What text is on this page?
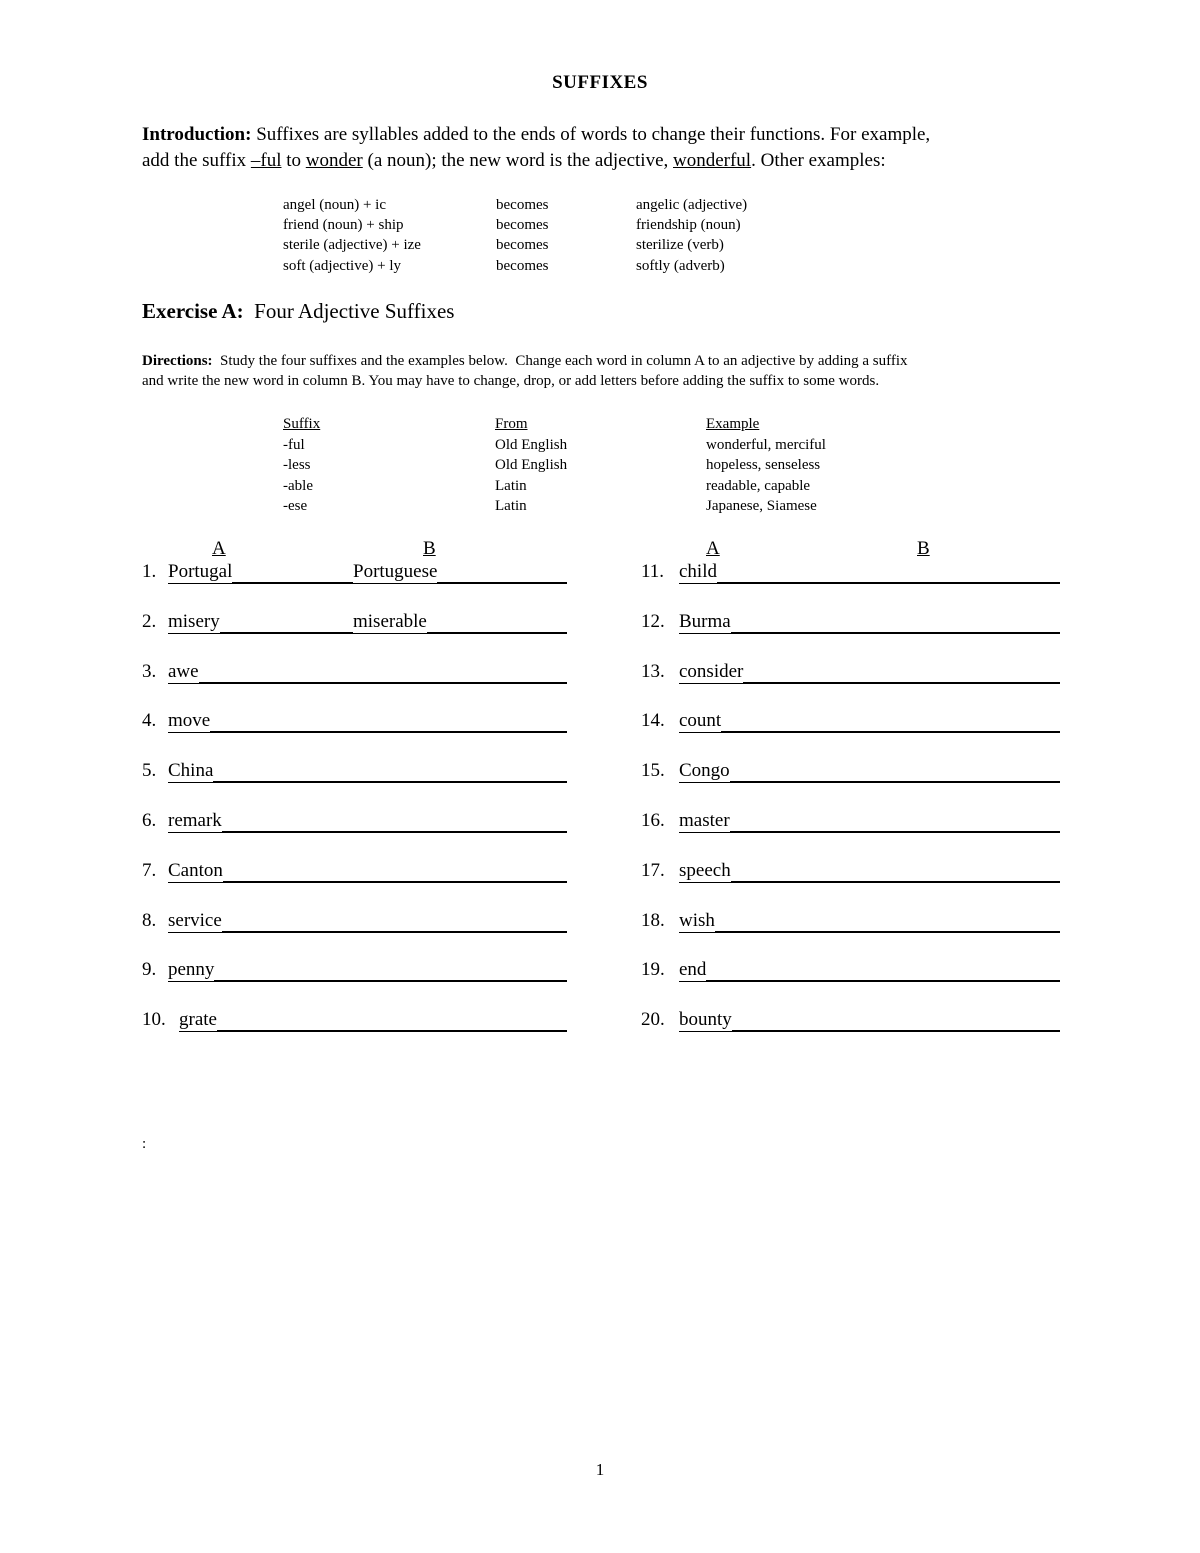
SUFFIXES
Introduction: Suffixes are syllables added to the ends of words to change their functions. For example,
add the suffix –ful to wonder (a noun); the new word is the adjective, wonderful. Other examples:
angel (noun) + ic	becomes	angelic (adjective)
friend (noun) + ship	becomes	friendship (noun)
sterile (adjective) + ize	becomes	sterilize (verb)
soft (adjective) + ly	becomes	softly (adverb)
Exercise A:  Four Adjective Suffixes
Directions:  Study the four suffixes and the examples below.  Change each word in column A to an adjective by adding a suffix
and write the new word in column B. You may have to change, drop, or add letters before adding the suffix to some words.
Suffix	From	Example
-ful	Old English	wonderful, merciful
-less	Old English	hopeless, senseless
-able	Latin	readable, capable
-ese	Latin	Japanese, Siamese
A	B	A	B
1. Portugal	Portuguese
2. misery	miserable
3. awe
4. move
5. China
6. remark
7. Canton
8. service
9. penny
10. grate
11. child
12. Burma
13. consider
14. count
15. Congo
16. master
17. speech
18. wish
19. end
20. bounty
:
1
